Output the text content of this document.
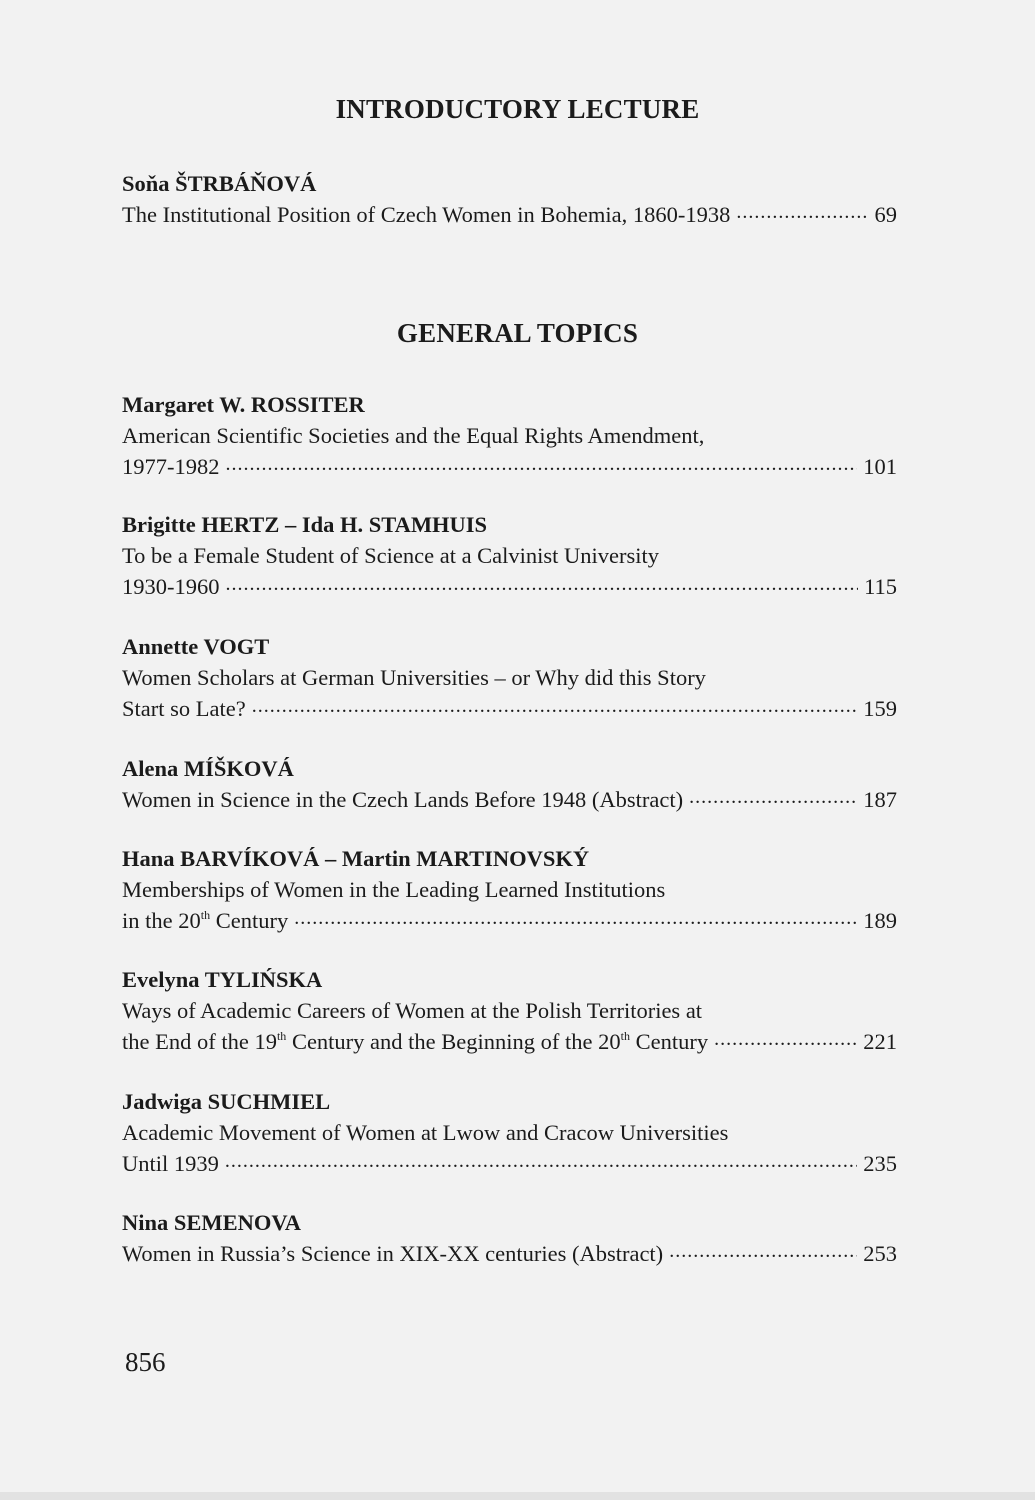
INTRODUCTORY LECTURE
Soňa ŠTRBÁŇOVÁ
The Institutional Position of Czech Women in Bohemia, 1860-1938 .....	69
GENERAL TOPICS
Margaret W. ROSSITER
American Scientific Societies and the Equal Rights Amendment,
1977-1982 .....	101
Brigitte HERTZ – Ida H. STAMHUIS
To be a Female Student of Science at a Calvinist University
1930-1960 .....	115
Annette VOGT
Women Scholars at German Universities – or Why did this Story
Start so Late? .....	159
Alena MÍŠKOVÁ
Women in Science in the Czech Lands Before 1948 (Abstract) .....	187
Hana BARVÍKOVÁ – Martin MARTINOVSKÝ
Memberships of Women in the Leading Learned Institutions
in the 20th Century .....	189
Evelyna TYLIŃSKA
Ways of Academic Careers of Women at the Polish Territories at
the End of the 19th Century and the Beginning of the 20th Century .....	221
Jadwiga SUCHMIEL
Academic Movement of Women at Lwow and Cracow Universities
Until 1939 .....	235
Nina SEMENOVA
Women in Russia’s Science in XIX-XX centuries (Abstract) .....	253
856
